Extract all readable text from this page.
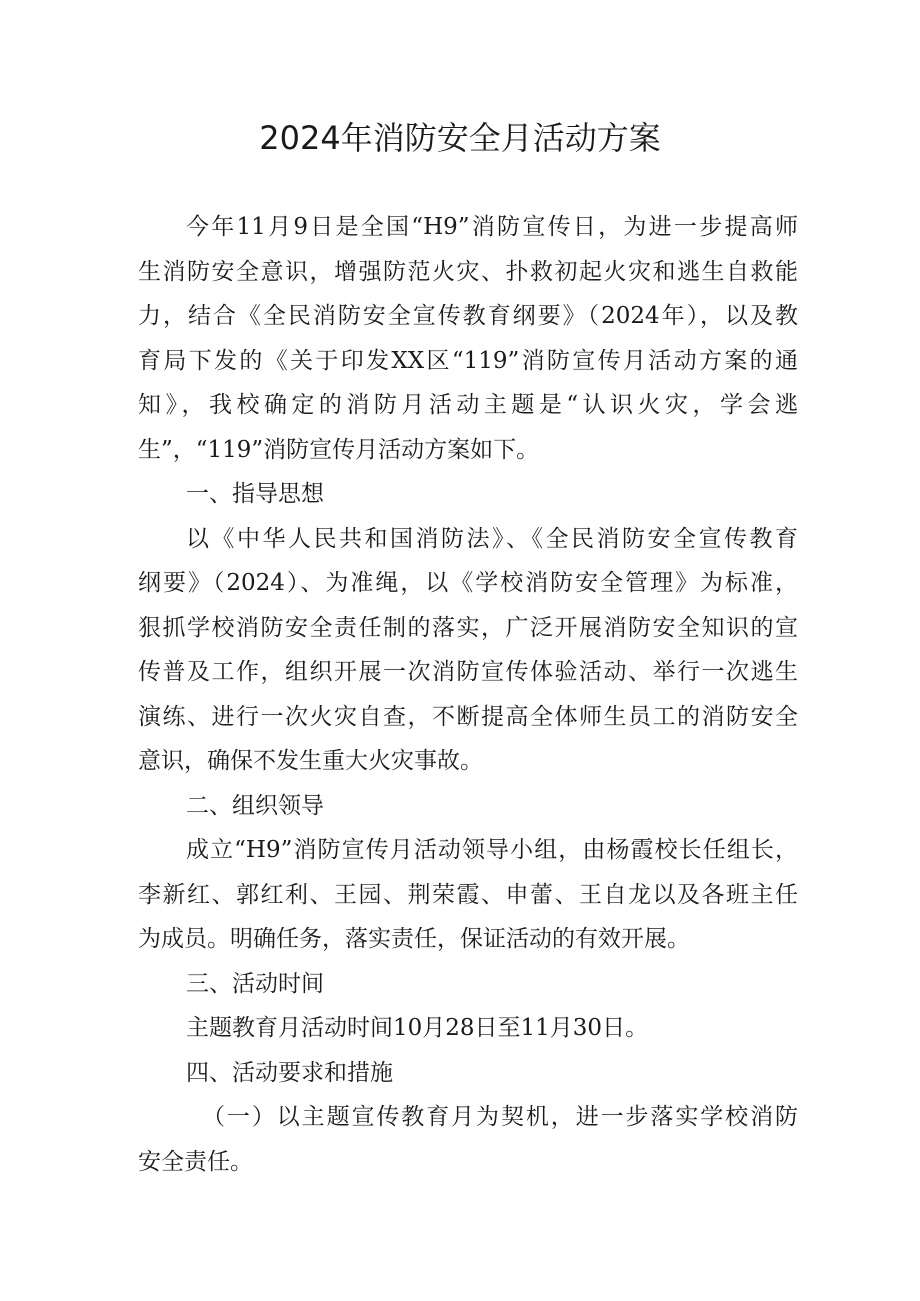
2024年消防安全月活动方案
今年11月9日是全国“H9”消防宣传日，为进一步提高师
生消防安全意识，增强防范火灾、扑救初起火灾和逃生自救能
力，结合《全民消防安全宣传教育纲要》（2024年），以及教
育局下发的《关于印发XX区“119”消防宣传月活动方案的通
知》，我校确定的消防月活动主题是“认识火灾，学会逃
生”，“119”消防宣传月活动方案如下。
一、指导思想
以《中华人民共和国消防法》、《全民消防安全宣传教育
纲要》（2024）、为准绳，以《学校消防安全管理》为标准，
狠抓学校消防安全责任制的落实，广泛开展消防安全知识的宣
传普及工作，组织开展一次消防宣传体验活动、举行一次逃生
演练、进行一次火灾自查，不断提高全体师生员工的消防安全
意识，确保不发生重大火灾事故。
二、组织领导
成立“H9”消防宣传月活动领导小组，由杨霞校长任组长，
李新红、郭红利、王园、荆荣霞、申蕾、王自龙以及各班主任
为成员。明确任务，落实责任，保证活动的有效开展。
三、活动时间
主题教育月活动时间10月28日至11月30日。
四、活动要求和措施
（一）以主题宣传教育月为契机，进一步落实学校消防
安全责任。
